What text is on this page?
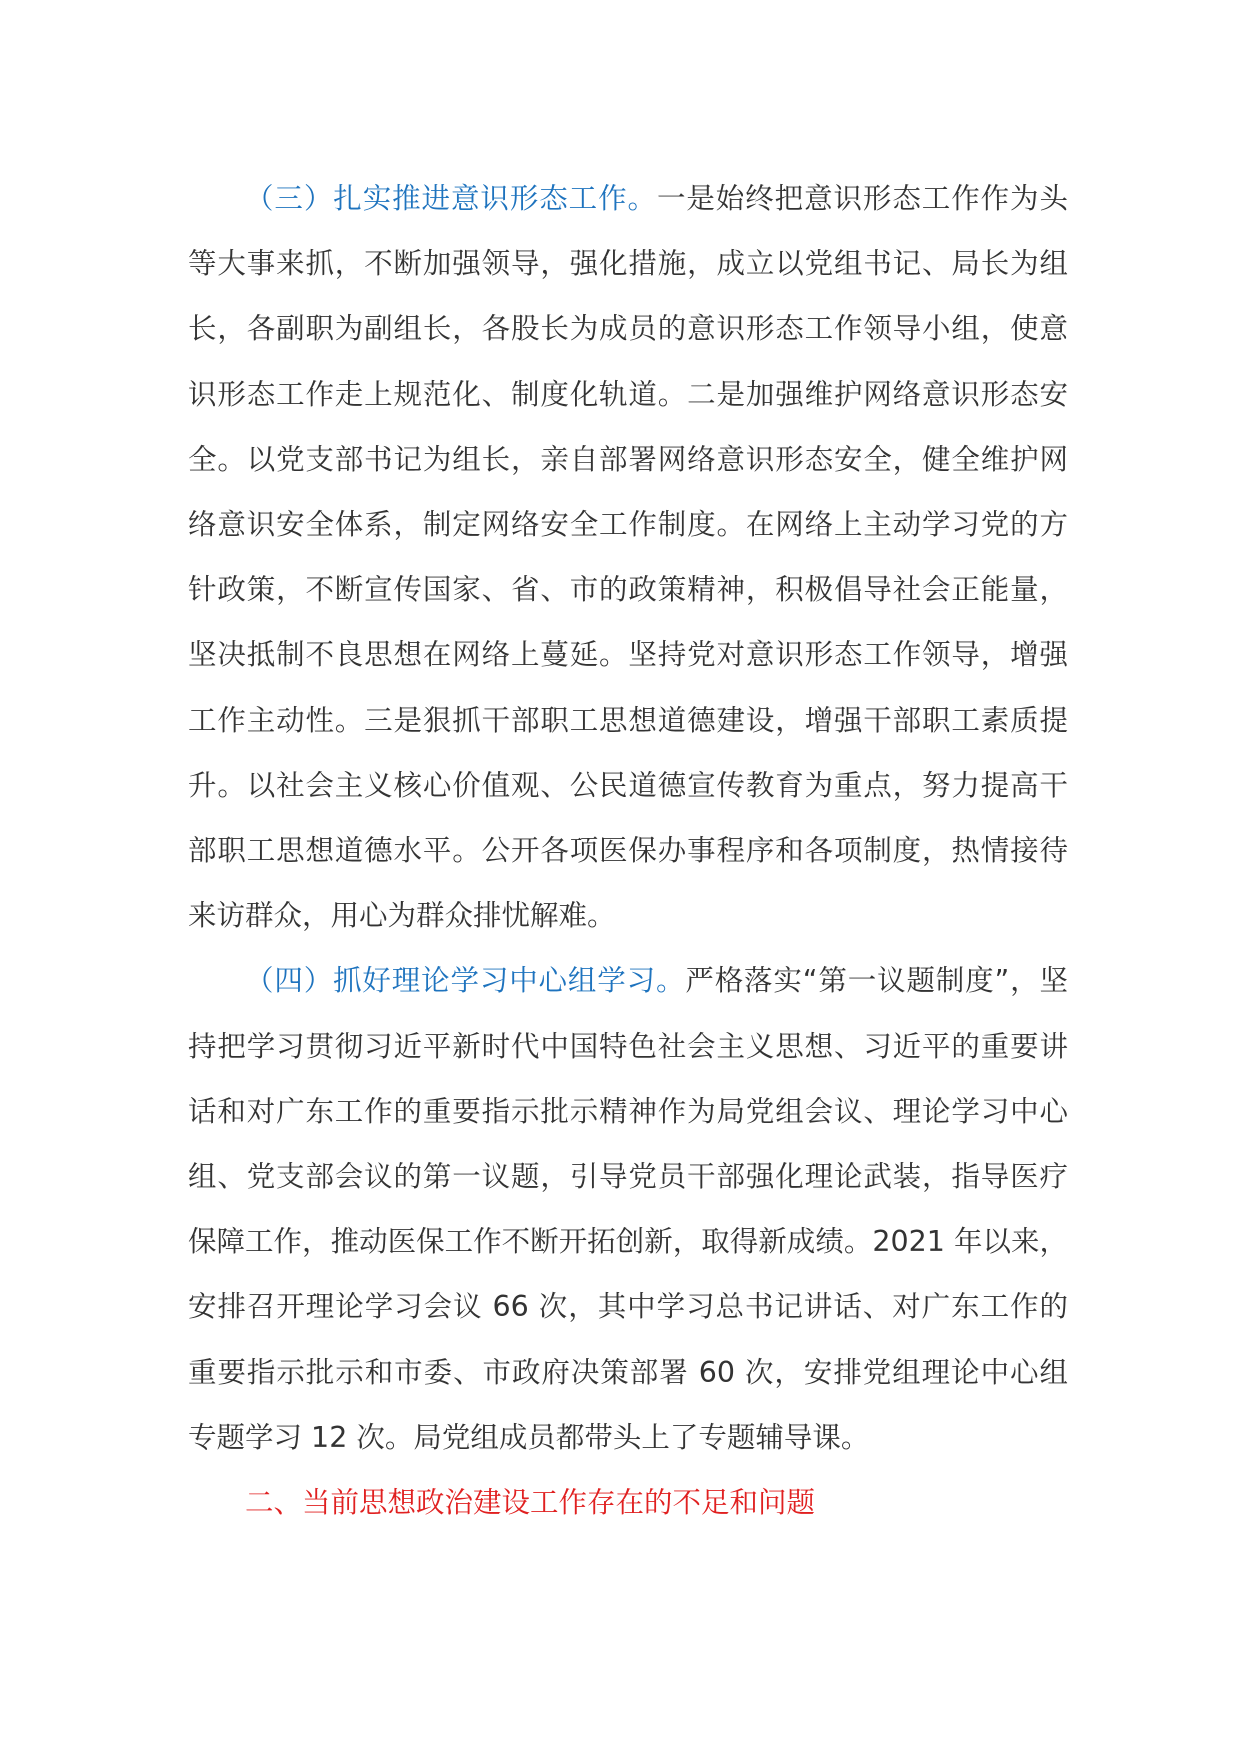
（三）扎实推进意识形态工作。一是始终把意识形态工作作为头等大事来抓，不断加强领导，强化措施，成立以党组书记、局长为组长，各副职为副组长，各股长为成员的意识形态工作领导小组，使意识形态工作走上规范化、制度化轨道。二是加强维护网络意识形态安全。以党支部书记为组长，亲自部署网络意识形态安全，健全维护网络意识安全体系，制定网络安全工作制度。在网络上主动学习党的方针政策，不断宣传国家、省、市的政策精神，积极倡导社会正能量，坚决抵制不良思想在网络上蔓延。坚持党对意识形态工作领导，增强工作主动性。三是狠抓干部职工思想道德建设，增强干部职工素质提升。以社会主义核心价值观、公民道德宣传教育为重点，努力提高干部职工思想道德水平。公开各项医保办事程序和各项制度，热情接待来访群众，用心为群众排忧解难。

（四）抓好理论学习中心组学习。严格落实“第一议题制度”，坚持把学习贯彻习近平新时代中国特色社会主义思想、习近平的重要讲话和对广东工作的重要指示批示精神作为局党组会议、理论学习中心组、党支部会议的第一议题，引导党员干部强化理论武装，指导医疗保障工作，推动医保工作不断开拓创新，取得新成绩。2021 年以来，安排召开理论学习会议 66 次，其中学习总书记讲话、对广东工作的重要指示批示和市委、市政府决策部署 60 次，安排党组理论中心组专题学习 12 次。局党组成员都带头上了专题辅导课。

二、当前思想政治建设工作存在的不足和问题
